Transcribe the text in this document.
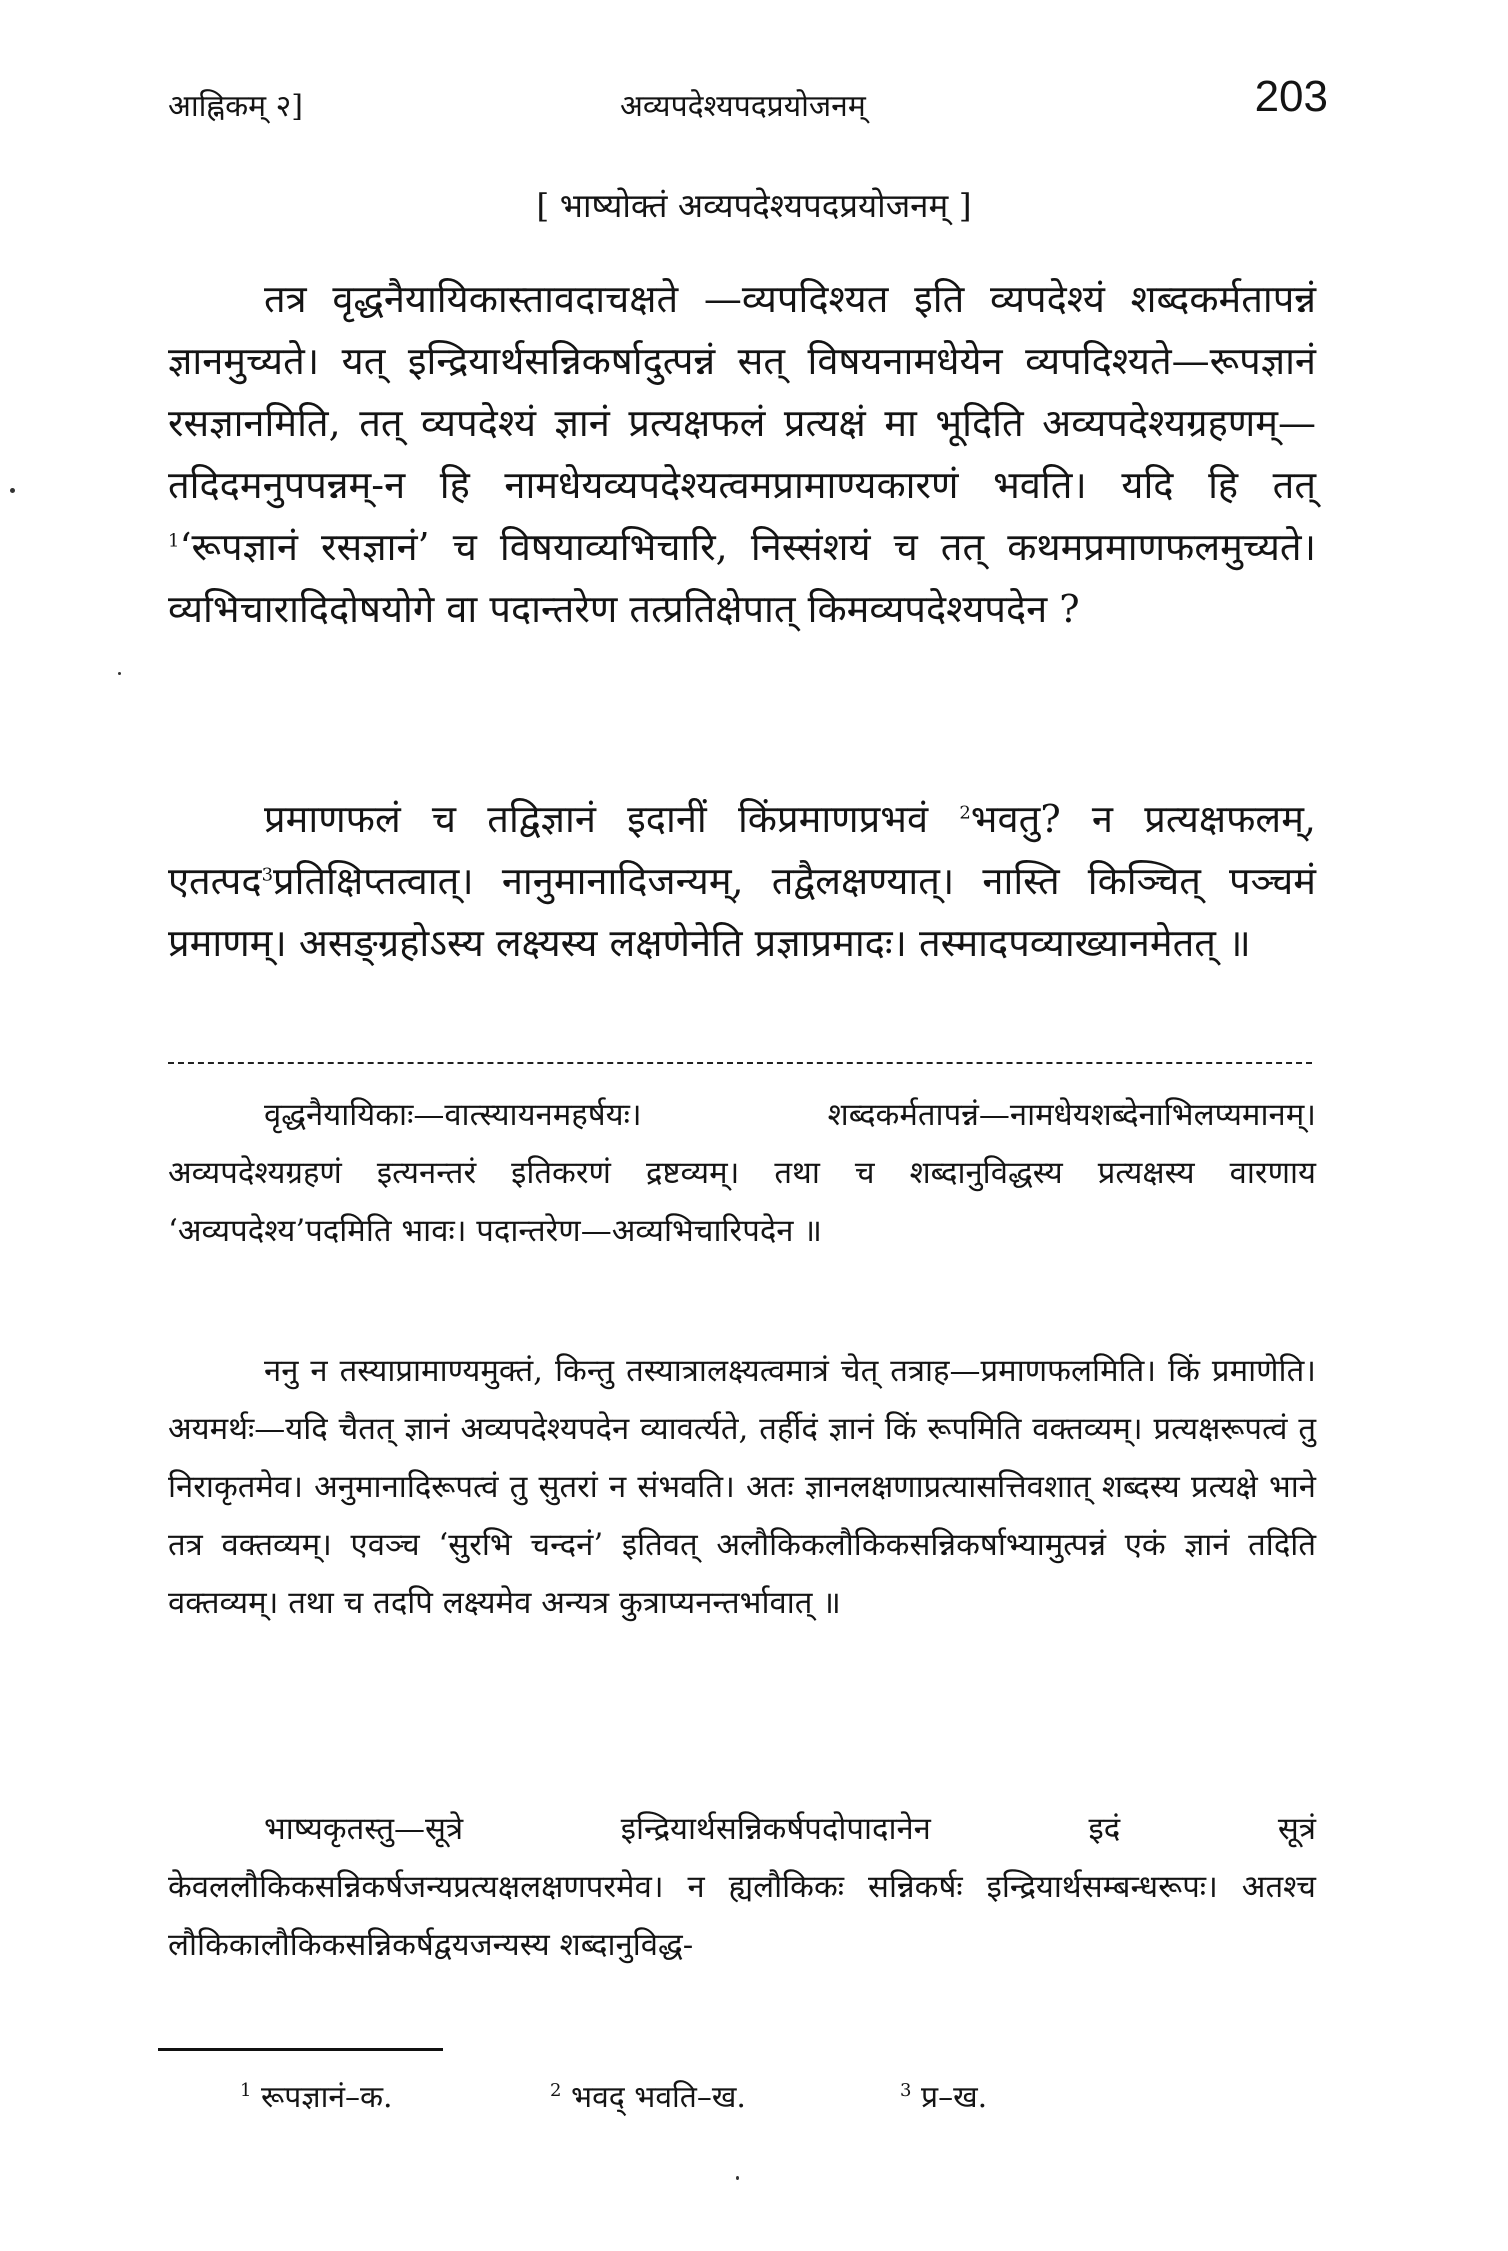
आह्निकम् २]	अव्यपदेश्यपदप्रयोजनम्	203
[ भाष्योक्तं अव्यपदेश्यपदप्रयोजनम् ]
तत्र वृद्धनैयायिकास्तावदाचक्षते —व्यपदिश्यत इति व्यपदेश्यं शब्दकर्मतापन्नं ज्ञानमुच्यते। यत् इन्द्रियार्थसन्निकर्षादुत्पन्नं सत् विषयनामधेयेन व्यपदिश्यते—रूपज्ञानं रसज्ञानमिति, तत् व्यपदेश्यं ज्ञानं प्रत्यक्षफलं प्रत्यक्षं मा भूदिति अव्यपदेश्यग्रहणम्—तदिदमनुपपन्नम्-न हि नामधेयव्यपदेश्यत्वमप्रामाण्यकारणं भवति। यदि हि तत् $^1$‘रूपज्ञानं रसज्ञानं’ च विषयाव्यभिचारि, निस्संशयं च तत् कथमप्रमाणफलमुच्यते। व्यभिचारादिदोषयोगे वा पदान्तरेण तत्प्रतिक्षेपात् किमव्यपदेश्यपदेन ?
प्रमाणफलं च तद्विज्ञानं इदानीं किंप्रमाणप्रभवं $^2$भवतु? न प्रत्यक्षफलम्, एतत्पद$^3$प्रतिक्षिप्तत्वात्। नानुमानादिजन्यम्, तद्वैलक्षण्यात्। नास्ति किञ्चित् पञ्चमं प्रमाणम्। असङ्ग्रहोऽस्य लक्ष्यस्य लक्षणेनेति प्रज्ञाप्रमादः। तस्मादपव्याख्यानमेतत् ॥
वृद्धनैयायिकाः—वात्स्यायनमहर्षयः। शब्दकर्मतापन्नं—नामधेयशब्देनाभिलप्यमानम्। अव्यपदेश्यग्रहणं इत्यनन्तरं इतिकरणं द्रष्टव्यम्। तथा च शब्दानुविद्धस्य प्रत्यक्षस्य वारणाय ‘अव्यपदेश्य’पदमिति भावः। पदान्तरेण—अव्यभिचारिपदेन ॥
ननु न तस्याप्रामाण्यमुक्तं, किन्तु तस्यात्रालक्ष्यत्वमात्रं चेत् तत्राह—प्रमाणफलमिति। किं प्रमाणेति। अयमर्थः—यदि चैतत् ज्ञानं अव्यपदेश्यपदेन व्यावर्त्यते, तर्हीदं ज्ञानं किं रूपमिति वक्तव्यम्। प्रत्यक्षरूपत्वं तु निराकृतमेव। अनुमानादिरूपत्वं तु सुतरां न संभवति। अतः ज्ञानलक्षणाप्रत्यासत्तिवशात् शब्दस्य प्रत्यक्षे भाने तत्र वक्तव्यम्। एवञ्च ‘सुरभि चन्दनं’ इतिवत् अलौकिकलौकिकसन्निकर्षाभ्यामुत्पन्नं एकं ज्ञानं तदिति वक्तव्यम्। तथा च तदपि लक्ष्यमेव अन्यत्र कुत्राप्यनन्तर्भावात् ॥
भाष्यकृतस्तु—सूत्रे इन्द्रियार्थसन्निकर्षपदोपादानेन इदं सूत्रं केवललौकिकसन्निकर्षजन्यप्रत्यक्षलक्षणपरमेव। न ह्यलौकिकः सन्निकर्षः इन्द्रियार्थसम्बन्धरूपः। अतश्च लौकिकालौकिकसन्निकर्षद्वयजन्यस्य शब्दानुविद्ध-
$^1$ रूपज्ञानं–क.	$^2$ भवद् भवति–ख.	$^3$ प्र–ख.
